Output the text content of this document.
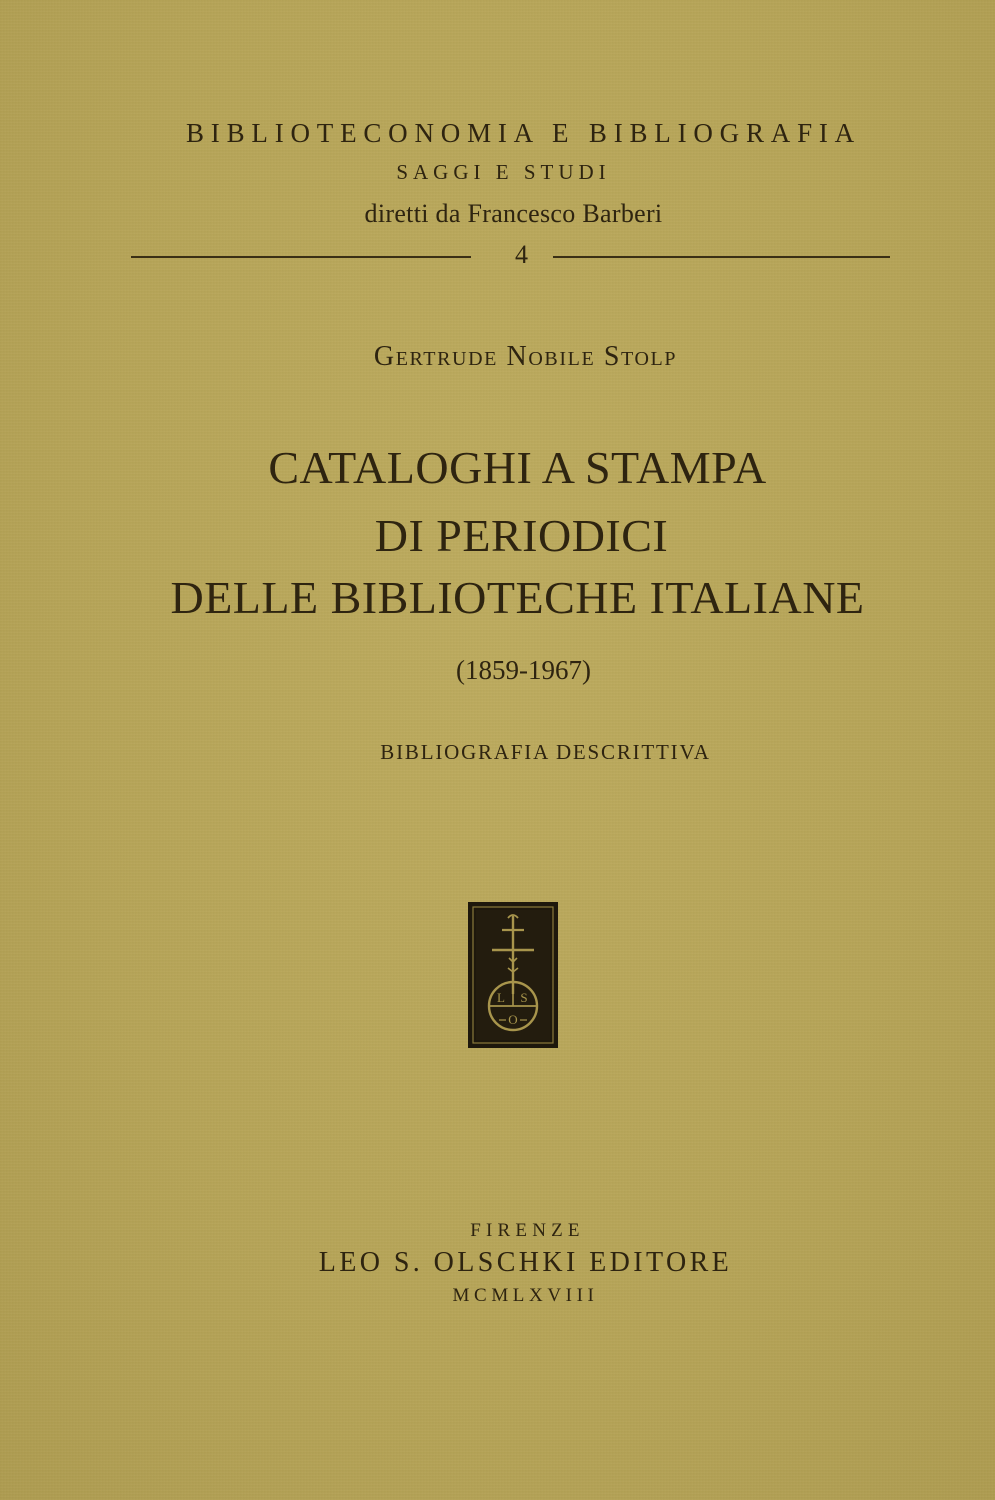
BIBLIOTECONOMIA E BIBLIOGRAFIA
SAGGI E STUDI
diretti da Francesco Barberi
4
Gertrude Nobile Stolp
CATALOGHI A STAMPA
DI PERIODICI
DELLE BIBLIOTECHE ITALIANE
(1859-1967)
BIBLIOGRAFIA DESCRITTIVA
L S
O
FIRENZE
LEO S. OLSCHKI EDITORE
MCMLXVIII
